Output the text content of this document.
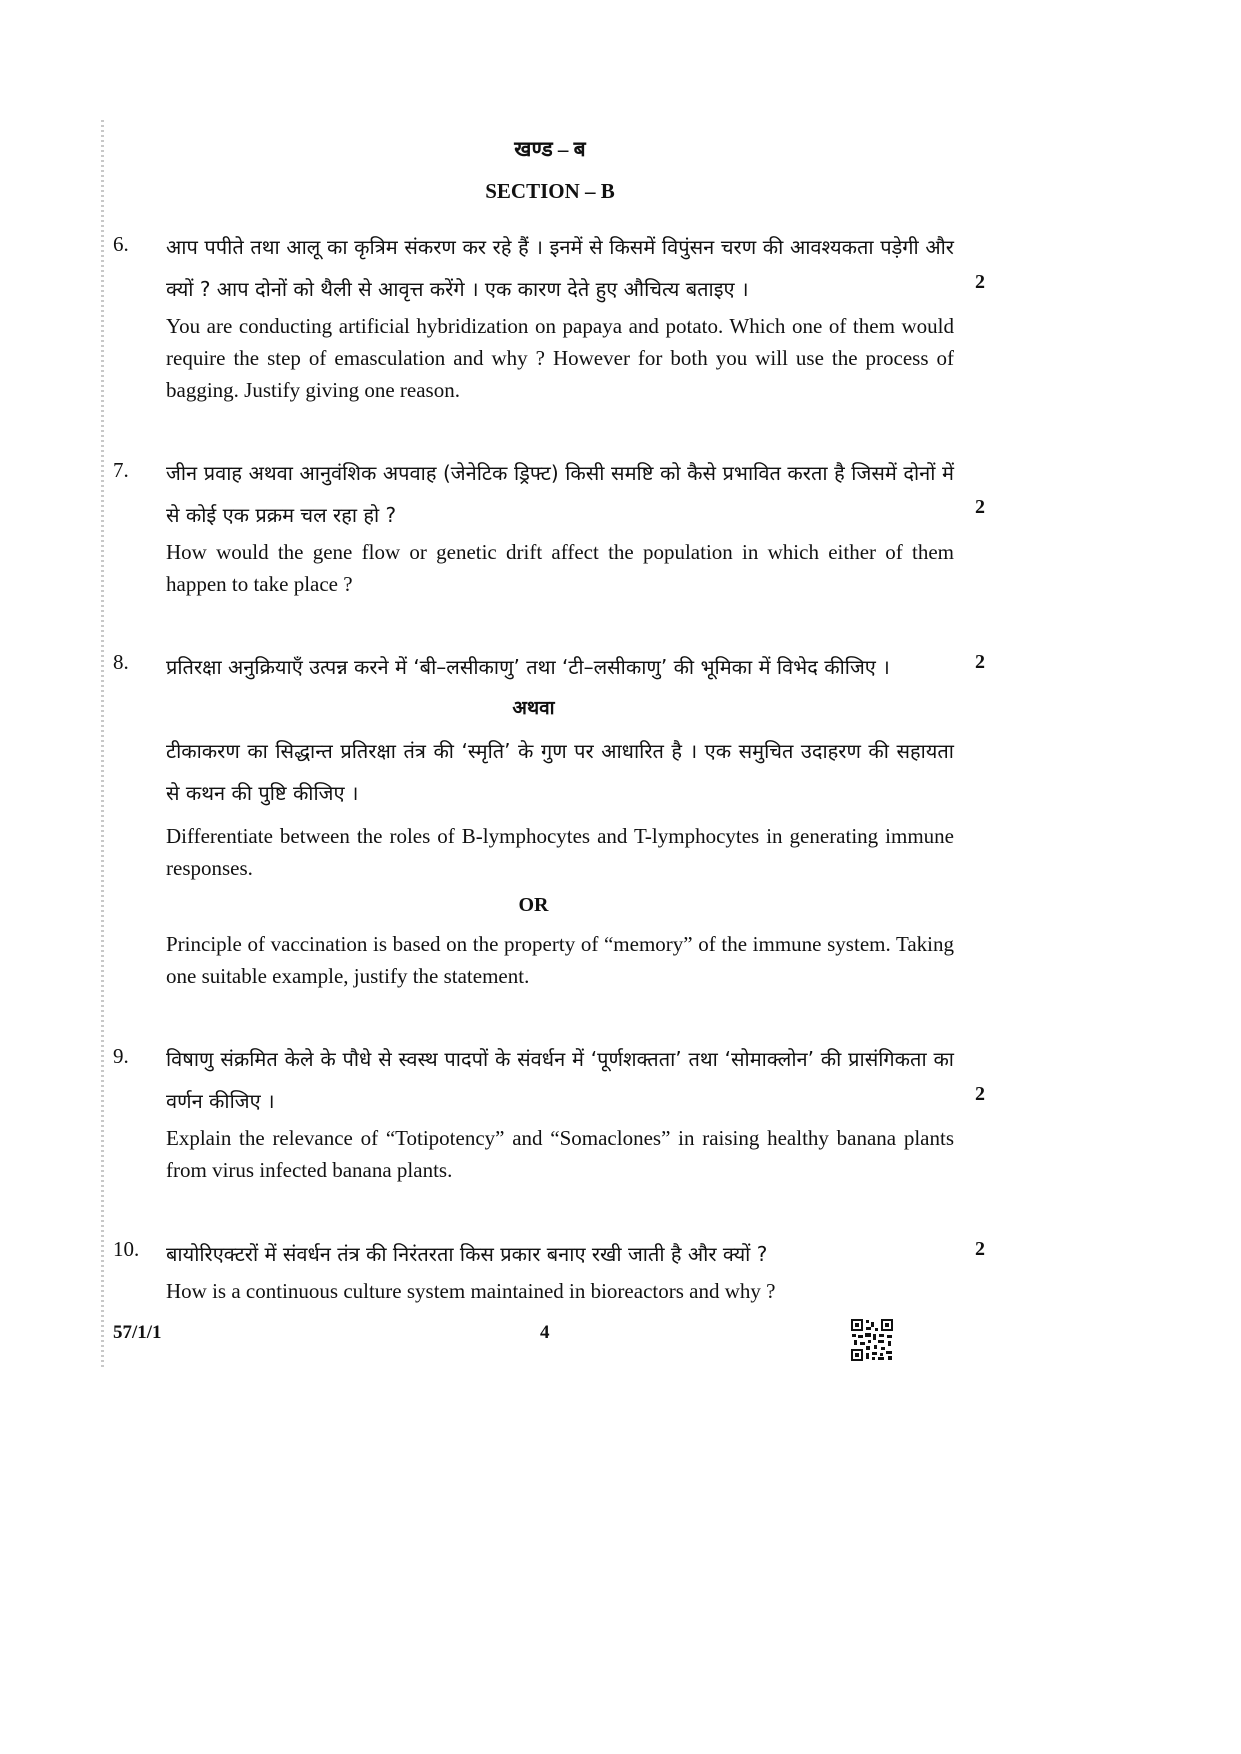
खण्ड – ब
SECTION – B
6. आप पपीते तथा आलू का कृत्रिम संकरण कर रहे हैं । इनमें से किसमें विपुंसन चरण की आवश्यकता पड़ेगी और क्यों ? आप दोनों को थैली से आवृत्त करेंगे । एक कारण देते हुए औचित्य बताइए ।	2

You are conducting artificial hybridization on papaya and potato. Which one of them would require the step of emasculation and why ? However for both you will use the process of bagging. Justify giving one reason.

7. जीन प्रवाह अथवा आनुवंशिक अपवाह (जेनेटिक ड्रिफ्ट) किसी समष्टि को कैसे प्रभावित करता है जिसमें दोनों में से कोई एक प्रक्रम चल रहा हो ?	2

How would the gene flow or genetic drift affect the population in which either of them happen to take place ?

8. प्रतिरक्षा अनुक्रियाएँ उत्पन्न करने में ‘बी–लसीकाणु’ तथा ‘टी–लसीकाणु’ की भूमिका में विभेद कीजिए ।	2
अथवा

टीकाकरण का सिद्धान्त प्रतिरक्षा तंत्र की ‘स्मृति’ के गुण पर आधारित है । एक समुचित उदाहरण की सहायता से कथन की पुष्टि कीजिए ।

Differentiate between the roles of B-lymphocytes and T-lymphocytes in generating immune responses.

OR

Principle of vaccination is based on the property of “memory” of the immune system. Taking one suitable example, justify the statement.

9. विषाणु संक्रमित केले के पौधे से स्वस्थ पादपों के संवर्धन में ‘पूर्णशक्तता’ तथा ‘सोमाक्लोन’ की प्रासंगिकता का वर्णन कीजिए ।	2

Explain the relevance of “Totipotency” and “Somaclones” in raising healthy banana plants from virus infected banana plants.

10. बायोरिएक्टरों में संवर्धन तंत्र की निरंतरता किस प्रकार बनाए रखी जाती है और क्यों ?	2

How is a continuous culture system maintained in bioreactors and why ?

57/1/1	4
